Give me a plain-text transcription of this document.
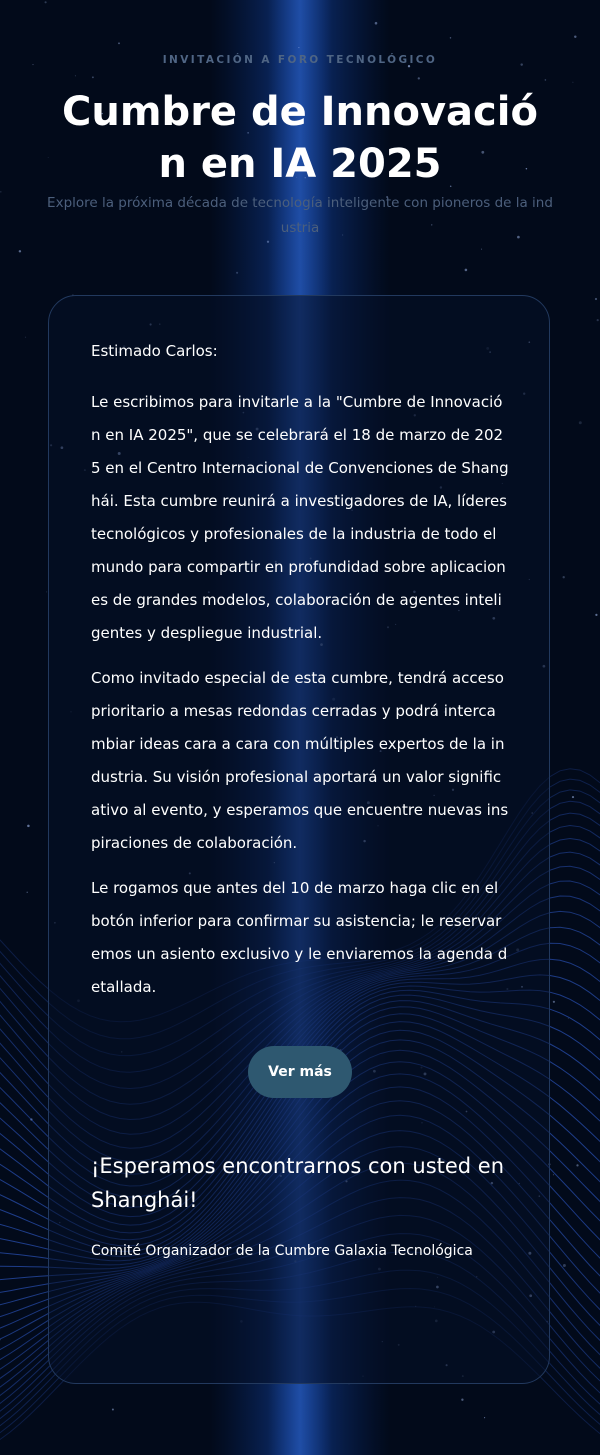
INVITACIÓN A FORO TECNOLÓGICO
Cumbre de Innovación en IA 2025

Explore la próxima década de tecnología inteligente con pioneros de la industria

Estimado Carlos:

Le escribimos para invitarle a la "Cumbre de Innovación en IA 2025", que se celebrará el 18 de marzo de 2025 en el Centro Internacional de Convenciones de Shanghái. Esta cumbre reunirá a investigadores de IA, líderes tecnológicos y profesionales de la industria de todo el mundo para compartir en profundidad sobre aplicaciones de grandes modelos, colaboración de agentes inteligentes y despliegue industrial.

Como invitado especial de esta cumbre, tendrá acceso prioritario a mesas redondas cerradas y podrá intercambiar ideas cara a cara con múltiples expertos de la industria. Su visión profesional aportará un valor significativo al evento, y esperamos que encuentre nuevas inspiraciones de colaboración.

Le rogamos que antes del 10 de marzo haga clic en el botón inferior para confirmar su asistencia; le reservaremos un asiento exclusivo y le enviaremos la agenda detallada.

Ver más

¡Esperamos encontrarnos con usted en Shanghái!

Comité Organizador de la Cumbre Galaxia Tecnológica
